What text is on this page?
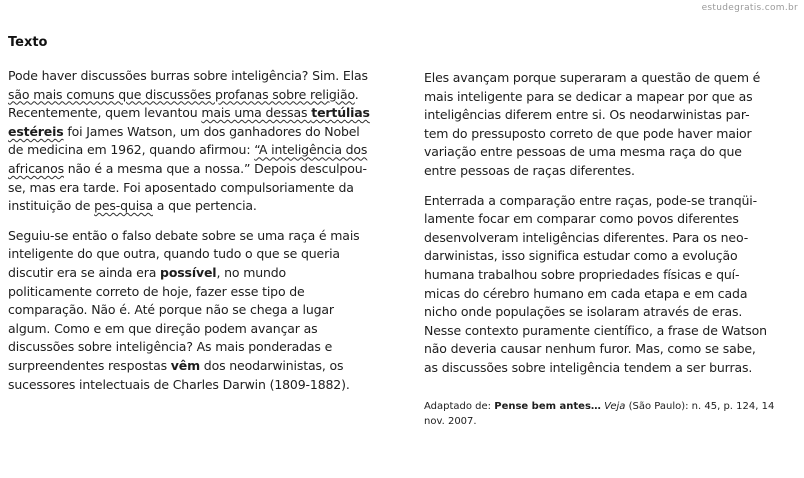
estudegratis.com.br
Texto

Pode haver discussões burras sobre inteligência? Sim. Elas são mais comuns que discussões profanas sobre religião. Recentemente, quem levantou mais uma dessas tertúlias estéreis foi James Watson, um dos ganhadores do Nobel de medicina em 1962, quando afirmou: “A inteligência dos africanos não é a mesma que a nossa.” Depois desculpou-se, mas era tarde. Foi aposentado compulsoriamente da instituição de pes-quisa a que pertencia.

Seguiu-se então o falso debate sobre se uma raça é mais inteligente do que outra, quando tudo o que se queria discutir era se ainda era possível, no mundo politicamente correto de hoje, fazer esse tipo de comparação. Não é. Até porque não se chega a lugar algum. Como e em que direção podem avançar as discussões sobre inteligência? As mais ponderadas e surpreendentes respostas vêm dos neodarwinistas, os sucessores intelectuais de Charles Darwin (1809-1882).

Eles avançam porque superaram a questão de quem é mais inteligente para se dedicar a mapear por que as inteligências diferem entre si. Os neodarwinistas par-tem do pressuposto correto de que pode haver maior variação entre pessoas de uma mesma raça do que entre pessoas de raças diferentes.

Enterrada a comparação entre raças, pode-se tranqüi-lamente focar em comparar como povos diferentes desenvolveram inteligências diferentes. Para os neo-darwinistas, isso significa estudar como a evolução humana trabalhou sobre propriedades físicas e quí-micas do cérebro humano em cada etapa e em cada nicho onde populações se isolaram através de eras. Nesse contexto puramente científico, a frase de Watson não deveria causar nenhum furor. Mas, como se sabe, as discussões sobre inteligência tendem a ser burras.

Adaptado de: Pense bem antes… Veja (São Paulo): n. 45, p. 124, 14 nov. 2007.
